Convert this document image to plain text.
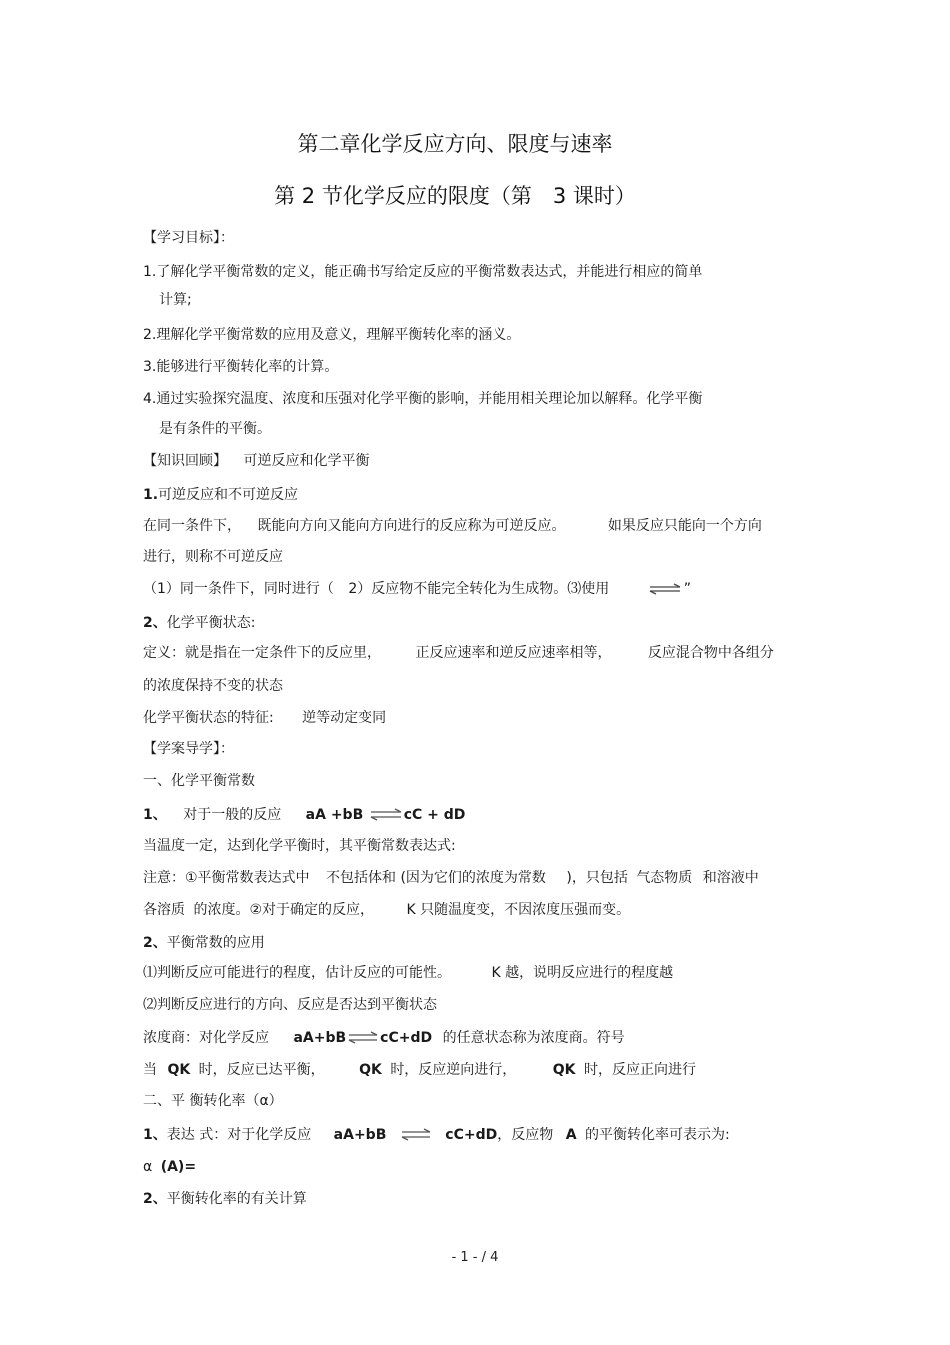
第二章化学反应方向、限度与速率
第 2 节化学反应的限度（第　3 课时）
【学习目标】：
1.了解化学平衡常数的定义，能正确书写给定反应的平衡常数表达式，并能进行相应的简单
计算;
2.理解化学平衡常数的应用及意义，理解平衡转化率的涵义。
3.能够进行平衡转化率的计算。
4.通过实验探究温度、浓度和压强对化学平衡的影响，并能用相关理论加以解释。化学平衡
是有条件的平衡。
【知识回顾】 可逆反应和化学平衡
1.可逆反应和不可逆反应
在同一条件下， 既能向方向又能向方向进行的反应称为可逆反应。	如果反应只能向一个方向
进行，则称不可逆反应
（1）同一条件下，同时进行（ 2）反应物不能完全转化为生成物。⑶使用	⇌ ”
2、化学平衡状态:
定义：就是指在一定条件下的反应里， 正反应速率和逆反应速率相等，	反应混合物中各组分
的浓度保持不变的状态
化学平衡状态的特征: 逆等动定变同
【学案导学】：
一、化学平衡常数
1、 对于一般的反应 aA +bB ⇌ cC + dD
当温度一定，达到化学平衡时，其平衡常数表达式:
注意：①平衡常数表达式中 不包括体和 (因为它们的浓度为常数 )，只包括 气态物质 和溶液中
各溶质 的浓度。②对于确定的反应， K 只随温度变，不因浓度压强而变。
2、平衡常数的应用
⑴判断反应可能进行的程度，估计反应的可能性。	K 越，说明反应进行的程度越
⑵判断反应进行的方向、反应是否达到平衡状态
浓度商：对化学反应 aA+bB ⇌ cC+dD 的任意状态称为浓度商。符号
当 QK 时，反应已达平衡， QK 时，反应逆向进行，	QK 时，反应正向进行
二、平 衡转化率（α）
1、表达 式：对于化学反应 aA+bB ⇌ cC+dD，反应物 A 的平衡转化率可表示为:
α (A)=
2、平衡转化率的有关计算
- 1 - / 4
